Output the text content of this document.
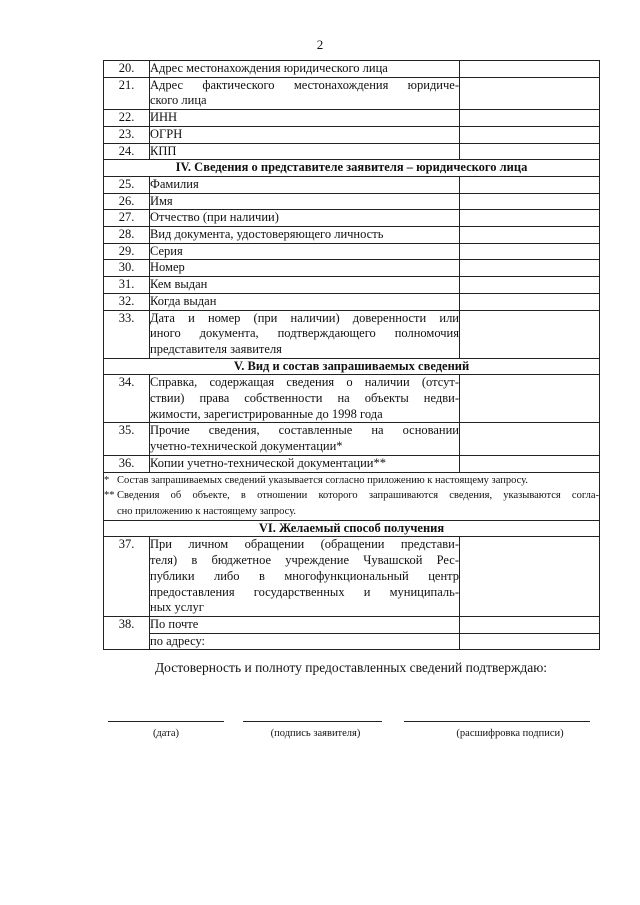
2
20.	Адрес местонахождения юридического лица	

21.	Адрес фактического местонахождения юридиче-
ского лица	

22.	ИНН	

23.	ОГРН	

24.	КПП	

IV. Сведения о представителе заявителя – юридического лица		
25.	Фамилия	

26.	Имя	

27.	Отчество (при наличии)	

28.	Вид документа, удостоверяющего личность	

29.	Серия	

30.	Номер	

31.	Кем выдан	

32.	Когда выдан	

33.	Дата и номер (при наличии) доверенности или
иного документа, подтверждающего полномочия
представителя заявителя	

V. Вид и состав запрашиваемых сведений		
34.	Справка, содержащая сведения о наличии (отсут-
ствии) права собственности на объекты недви-
жимости, зарегистрированные до 1998 года	

35.	Прочие сведения, составленные на основании
учетно-технической документации*	

36.	Копии учетно-технической документации**	

* Состав запрашиваемых сведений указывается согласно приложению к настоящему запросу.
** Сведения об объекте, в отношении которого запрашиваются сведения, указываются согла-
сно приложению к настоящему запросу.		

VI. Желаемый способ получения		
37.	При личном обращении (обращении представи-
теля) в бюджетное учреждение Чувашской Рес-
публики либо в многофункциональный центр
предоставления государственных и муниципаль-
ных услуг	

38.	По почте	

	по адресу:	

Достоверность и полноту предоставленных сведений подтверждаю:
(дата)	(подпись заявителя)	(расшифровка подписи)
